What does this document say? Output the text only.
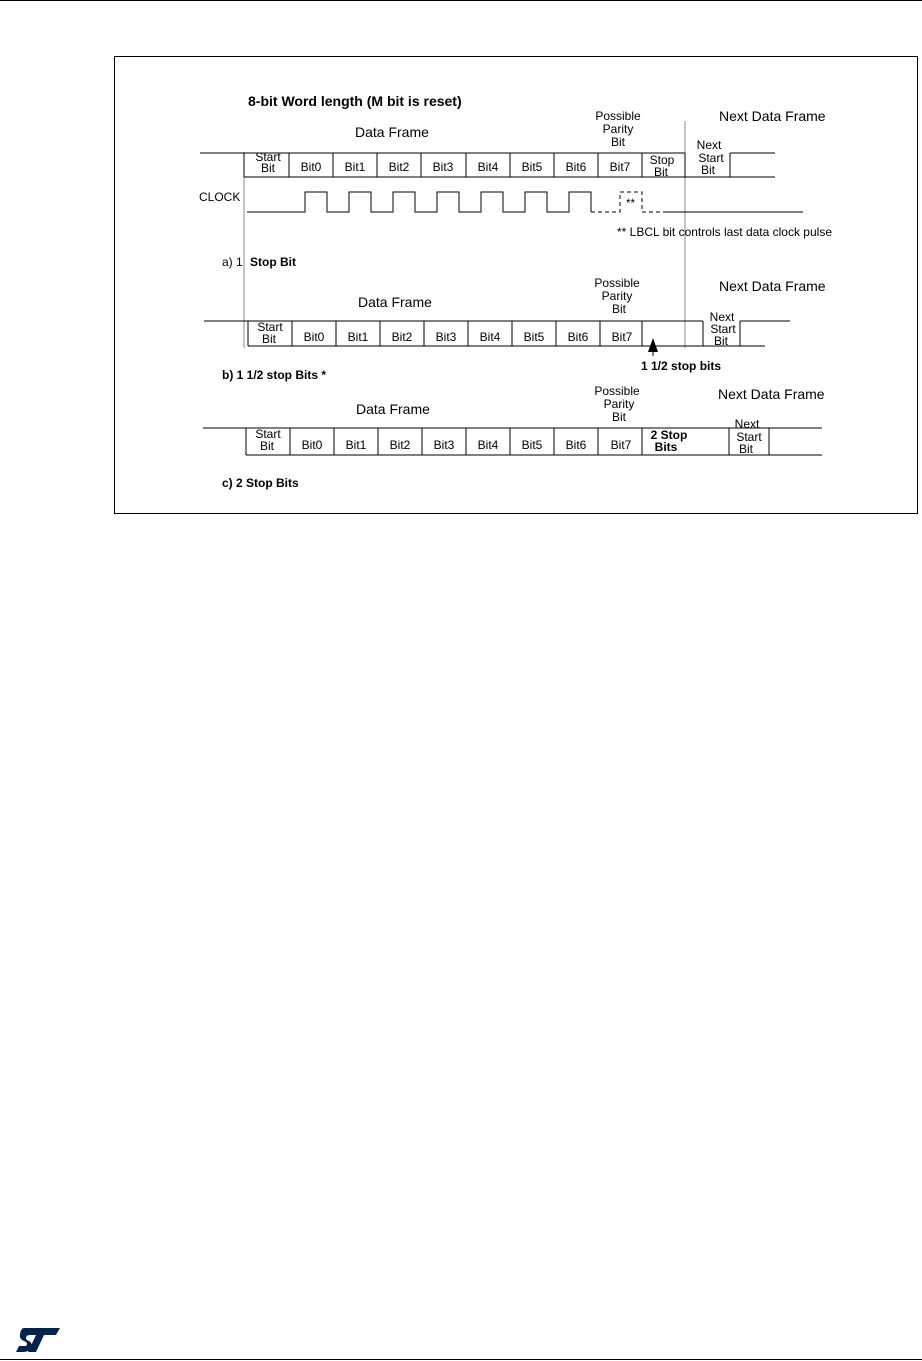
8-bit Word length (M bit is reset)
Data Frame
Next Data Frame
Possible
Parity
Bit
Start
Bit Bit0 Bit1 Bit2 Bit3 Bit4 Bit5 Bit6 Bit7 Stop
Bit
Next
Start
Bit
CLOCK	**
** LBCL bit controls last data clock pulse
a) 1 Stop Bit
Data Frame
Next Data Frame
Possible
Parity
Bit
Start
Bit Bit0 Bit1 Bit2 Bit3 Bit4 Bit5 Bit6 Bit7
Next
Start
Bit
1 1/2 stop bits
b) 1 1/2 stop Bits *
Data Frame
Next Data Frame
Possible
Parity
Bit
Start
Bit Bit0 Bit1 Bit2 Bit3 Bit4 Bit5 Bit6 Bit7
2 Stop
Bits
Next
Start
Bit
c) 2 Stop Bits
